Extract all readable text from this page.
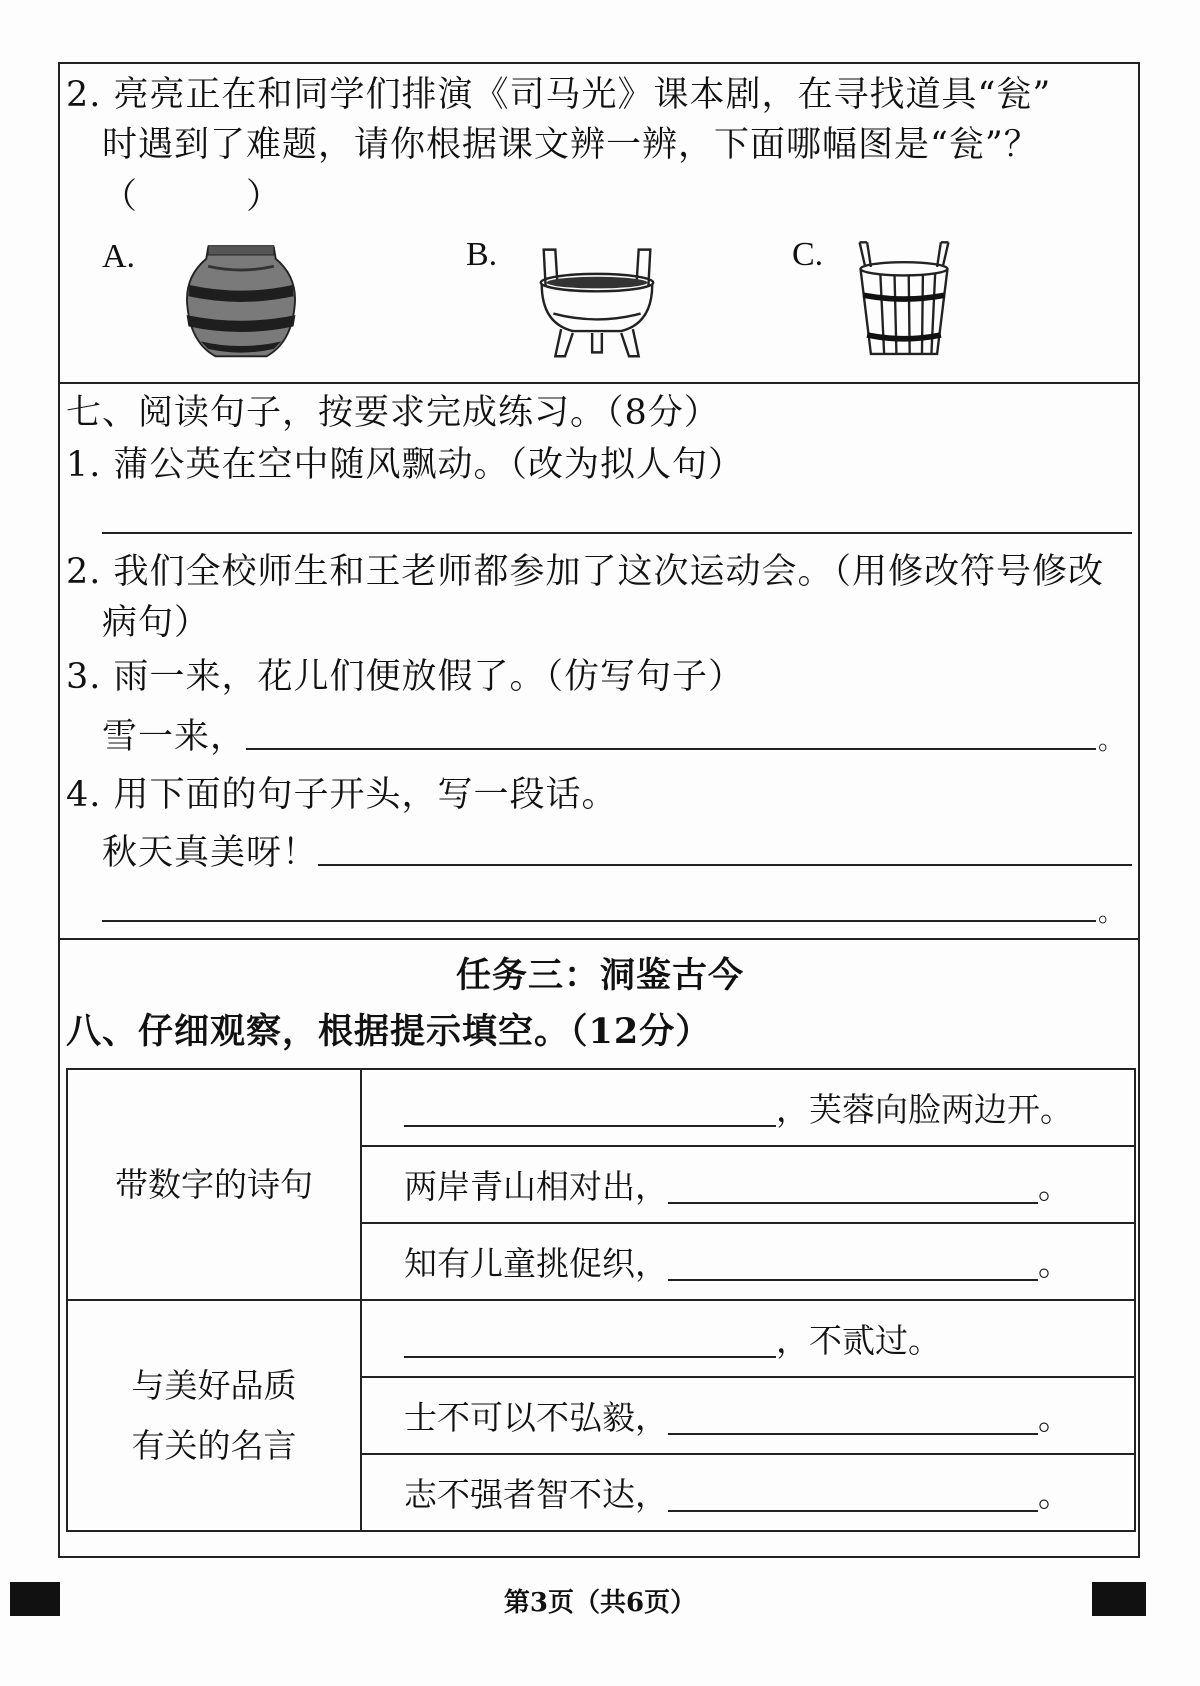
2. 亮亮正在和同学们排演《司马光》课本剧，在寻找道具“瓮”
时遇到了难题，请你根据课文辨一辨，下面哪幅图是“瓮”？
（　　　）
A.	B.	C.
七、阅读句子，按要求完成练习。（8分）
1. 蒲公英在空中随风飘动。（改为拟人句）
2. 我们全校师生和王老师都参加了这次运动会。（用修改符号修改
病句）
3. 雨一来，花儿们便放假了。（仿写句子）
雪一来，	。
4. 用下面的句子开头，写一段话。
秋天真美呀！
。
任务三：洞鉴古今
八、仔细观察，根据提示填空。（12分）
带数字的诗句	，芙蓉向脸两边开。
	两岸青山相对出， 。
	知有儿童挑促织， 。

与美好品质
有关的名言	，不贰过。
	士不可以不弘毅， 。
	志不强者智不达， 。
第3页（共6页）
